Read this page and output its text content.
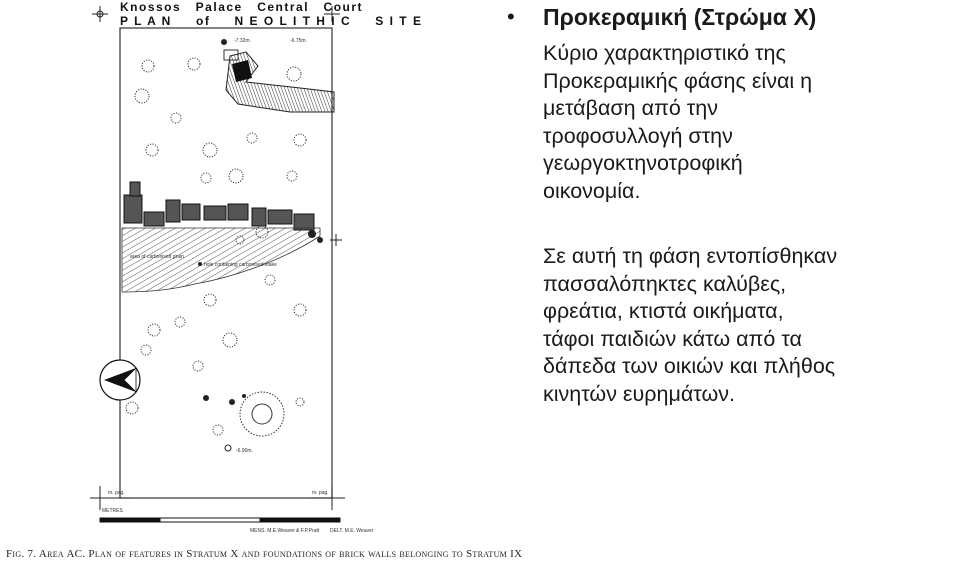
Knossos   Palace   Central   Court
P L A N     of     N E O L I T H I C     S I T E
-7.32m.	-6.75m.
area of carbonised grain
hole containing carbonised stake
-6.90m.
m. pag.	m. pag.
METRES
MENS. M.E.Weaver & F.P.Pratt DELT. M.E. Weaver
Fig. 7. Area AC. Plan of features in Stratum X and foundations of brick walls belonging to Stratum IX
• Προκεραμική (Στρώμα Χ)
Κύριο χαρακτηριστικό της
Προκεραμικής φάσης είναι η
μετάβαση από την
τροφοσυλλογή στην
γεωργοκτηνοτροφική
οικονομία.
Σε αυτή τη φάση εντοπίσθηκαν
πασσαλόπηκτες καλύβες,
φρεάτια, κτιστά οικήματα,
τάφοι παιδιών κάτω από τα
δάπεδα των οικιών και πλήθος
κινητών ευρημάτων.
